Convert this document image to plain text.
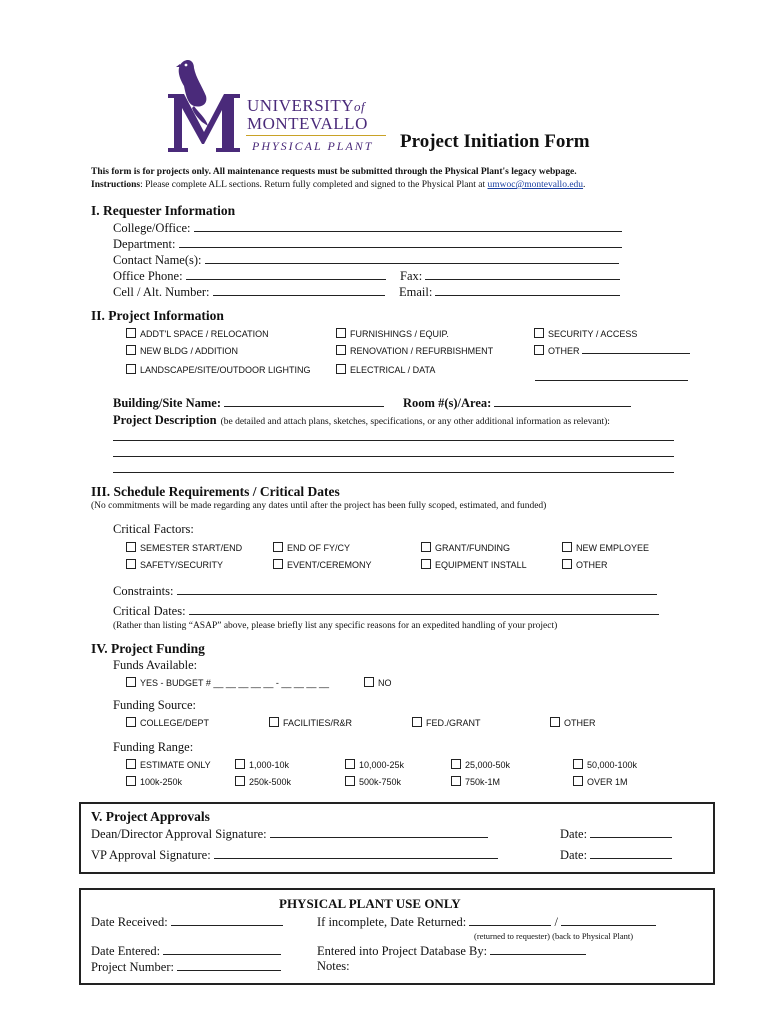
UNIVERSITYof
MONTEVALLO
PHYSICAL PLANT Project Initiation Form
This form is for projects only. All maintenance requests must be submitted through the Physical Plant's legacy webpage.
Instructions: Please complete ALL sections. Return fully completed and signed to the Physical Plant at umwoc@montevallo.edu.
I. Requester Information
College/Office:
Department:
Contact Name(s):
Office Phone:	Fax:
Cell / Alt. Number:	Email:
II. Project Information
ADDT'L SPACE / RELOCATION	FURNISHINGS / EQUIP.	SECURITY / ACCESS
NEW BLDG / ADDITION	RENOVATION / REFURBISHMENT	OTHER
LANDSCAPE/SITE/OUTDOOR LIGHTING	ELECTRICAL / DATA
Building/Site Name:	Room #(s)/Area:
Project Description (be detailed and attach plans, sketches, specifications, or any other additional information as relevant):
III. Schedule Requirements / Critical Dates
(No commitments will be made regarding any dates until after the project has been fully scoped, estimated, and funded)
Critical Factors:
SEMESTER START/END	END OF FY/CY	GRANT/FUNDING	NEW EMPLOYEE
SAFETY/SECURITY	EVENT/CEREMONY	EQUIPMENT INSTALL	OTHER
Constraints:
Critical Dates:
(Rather than listing “ASAP” above, please briefly list any specific reasons for an expedited handling of your project)
IV. Project Funding
Funds Available:
YES - BUDGET # __ __ __ __ __ - __ __ __ __	NO
Funding Source:
COLLEGE/DEPT	FACILITIES/R&R	FED./GRANT	OTHER
Funding Range:
ESTIMATE ONLY	1,000-10k	10,000-25k	25,000-50k	50,000-100k
100k-250k	250k-500k	500k-750k	750k-1M	OVER 1M
V. Project Approvals
Dean/Director Approval Signature:	Date:
VP Approval Signature:	Date:
PHYSICAL PLANT USE ONLY
Date Received:	If incomplete, Date Returned:	/
(returned to requester) (back to Physical Plant)
Date Entered:	Entered into Project Database By:
Project Number:	Notes:
